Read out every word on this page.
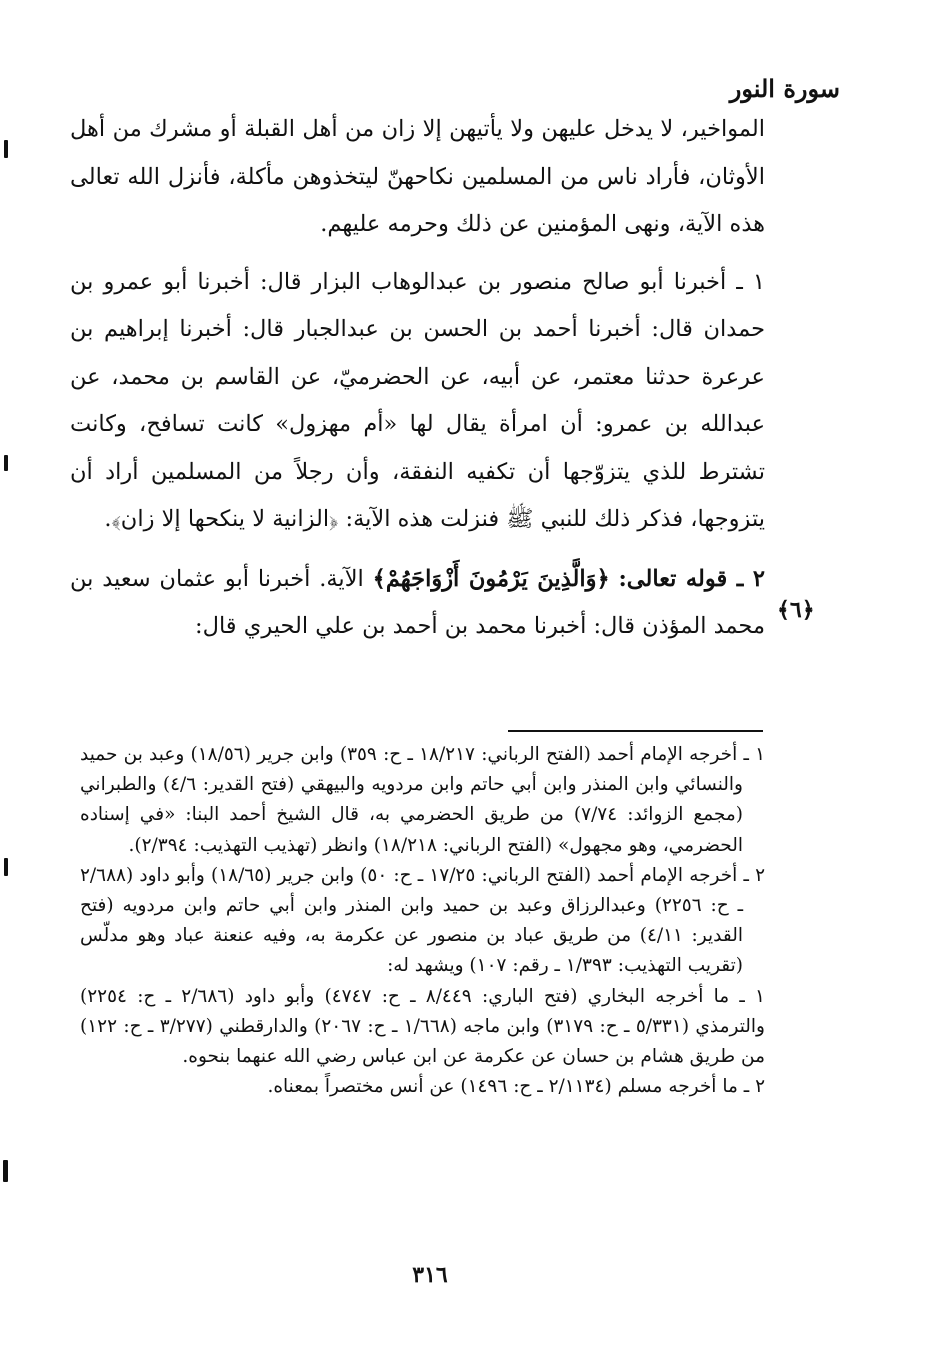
سورة النور

المواخير، لا يدخل عليهن ولا يأتيهن إلا زان من أهل القبلة أو مشرك من أهل الأوثان، فأراد ناس من المسلمين نكاحهنّ ليتخذوهن مأكلة، فأنزل الله تعالى هذه الآية، ونهى المؤمنين عن ذلك وحرمه عليهم.

١ ـ أخبرنا أبو صالح منصور بن عبدالوهاب البزار قال: أخبرنا أبو عمرو بن حمدان قال: أخبرنا أحمد بن الحسن بن عبدالجبار قال: أخبرنا إبراهيم بن عرعرة حدثنا معتمر، عن أبيه، عن الحضرميّ، عن القاسم بن محمد، عن عبدالله بن عمرو: أن امرأة يقال لها «أم مهزول» كانت تسافح، وكانت تشترط للذي يتزوّجها أن تكفيه النفقة، وأن رجلاً من المسلمين أراد أن يتزوجها، فذكر ذلك للنبي ﷺ فنزلت هذه الآية: ﴿الزانية لا ينكحها إلا زان﴾.

٢ ـ قوله تعالى: ﴿وَالَّذِينَ يَرْمُونَ أَزْوَاجَهُمْ﴾ الآية. أخبرنا أبو عثمان سعيد بن محمد المؤذن قال: أخبرنا محمد بن أحمد بن علي الحيري قال:

﴿٦﴾

١ ـ أخرجه الإمام أحمد (الفتح الرباني: ١٨/٢١٧ ـ ح: ٣٥٩) وابن جرير (١٨/٥٦) وعبد بن حميد والنسائي وابن المنذر وابن أبي حاتم وابن مردويه والبيهقي (فتح القدير: ٤/٦) والطبراني (مجمع الزوائد: ٧/٧٤) من طريق الحضرمي به، قال الشيخ أحمد البنا: «في إسناده الحضرمي، وهو مجهول» (الفتح الرباني: ١٨/٢١٨) وانظر (تهذيب التهذيب: ٢/٣٩٤).

٢ ـ أخرجه الإمام أحمد (الفتح الرباني: ١٧/٢٥ ـ ح: ٥٠) وابن جرير (١٨/٦٥) وأبو داود (٢/٦٨٨ ـ ح: ٢٢٥٦) وعبدالرزاق وعبد بن حميد وابن المنذر وابن أبي حاتم وابن مردويه (فتح القدير: ٤/١١) من طريق عباد بن منصور عن عكرمة به، وفيه عنعنة عباد وهو مدلّس (تقريب التهذيب: ١/٣٩٣ ـ رقم: ١٠٧) ويشهد له:

١ ـ ما أخرجه البخاري (فتح الباري: ٨/٤٤٩ ـ ح: ٤٧٤٧) وأبو داود (٢/٦٨٦ ـ ح: ٢٢٥٤) والترمذي (٥/٣٣١ ـ ح: ٣١٧٩) وابن ماجه (١/٦٦٨ ـ ح: ٢٠٦٧) والدارقطني (٣/٢٧٧ ـ ح: ١٢٢) من طريق هشام بن حسان عن عكرمة عن ابن عباس رضي الله عنهما بنحوه.

٢ ـ ما أخرجه مسلم (٢/١١٣٤ ـ ح: ١٤٩٦) عن أنس مختصراً بمعناه.

٣١٦
